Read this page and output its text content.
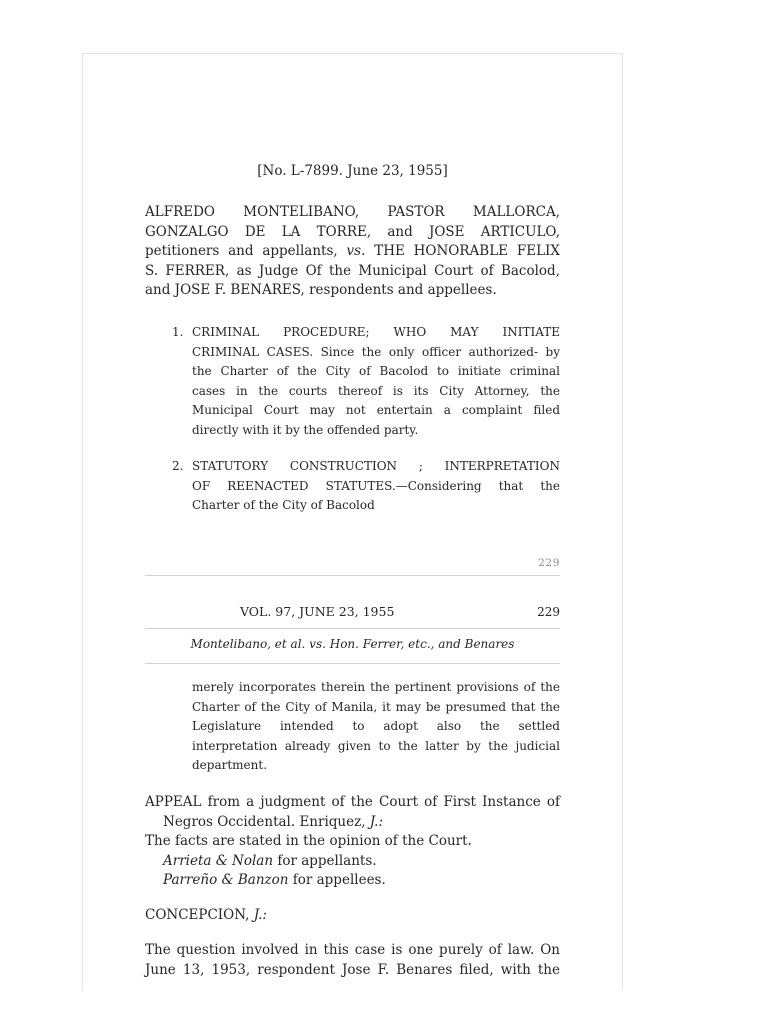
[No. L-7899. June 23, 1955]
ALFREDO MONTELIBANO, PASTOR MALLORCA,
GONZALGO DE LA TORRE, and JOSE ARTICULO,
petitioners and appellants, vs. THE HONORABLE FELIX
S. FERRER, as Judge Of the Municipal Court of Bacolod,
and JOSE F. BENARES, respondents and appellees.
1. CRIMINAL PROCEDURE; WHO MAY INITIATE
CRIMINAL CASES. Since the only officer authorized- by
the Charter of the City of Bacolod to initiate criminal
cases in the courts thereof is its City Attorney, the
Municipal Court may not entertain a complaint filed
directly with it by the offended party.
2. STATUTORY CONSTRUCTION ; INTERPRETATION
OF REENACTED STATUTES.—Considering that the
Charter of the City of Bacolod
229
VOL. 97, JUNE 23, 1955	229
Montelibano, et al. vs. Hon. Ferrer, etc., and Benares
merely incorporates therein the pertinent provisions of the
Charter of the City of Manila, it may be presumed that the
Legislature intended to adopt also the settled
interpretation already given to the latter by the judicial
department.
APPEAL from a judgment of the Court of First Instance of
Negros Occidental. Enriquez, J.:
The facts are stated in the opinion of the Court.
Arrieta & Nolan for appellants.
Parreño & Banzon for appellees.
CONCEPCION, J.:
The question involved in this case is one purely of law. On
June 13, 1953, respondent Jose F. Benares filed, with the
